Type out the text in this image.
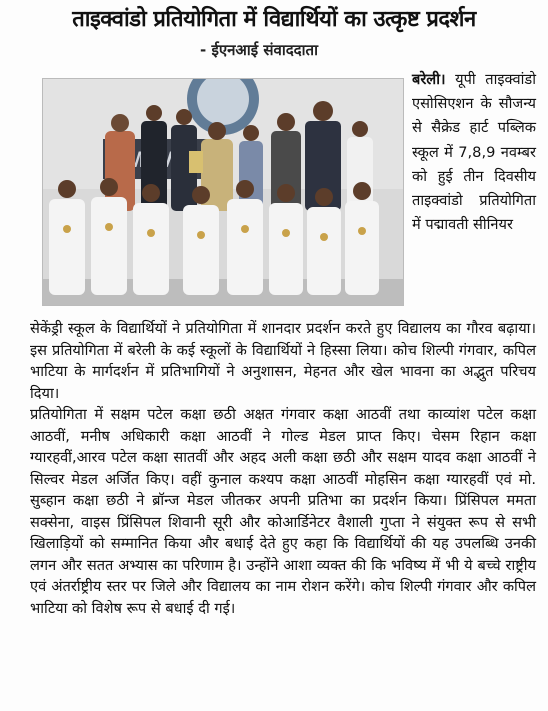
ताइक्वांडो प्रतियोगिता में विद्यार्थियों का उत्कृष्ट प्रदर्शन
- ईएनआई संवाददाता

बरेली। यूपी ताइक्वांडो एसोसिएशन के सौजन्य से सैक्रेड हार्ट पब्लिक स्कूल में 7,8,9 नवम्बर को हुई तीन दिवसीय ताइक्वांडो प्रतियोगिता में पद्मावती सीनियर

सेकेंड्री स्कूल के विद्यार्थियों ने प्रतियोगिता में शानदार प्रदर्शन करते हुए विद्यालय का गौरव बढ़ाया।इस प्रतियोगिता में बरेली के कई स्कूलों के विद्यार्थियों ने हिस्सा लिया। कोच शिल्पी गंगवार, कपिल भाटिया के मार्गदर्शन में प्रतिभागियों ने अनुशासन, मेहनत और खेल भावना का अद्भुत परिचय दिया।

प्रतियोगिता में सक्षम पटेल कक्षा छठी अक्षत गंगवार कक्षा आठवीं तथा काव्यांश पटेल कक्षा आठवीं, मनीष अधिकारी कक्षा आठवीं ने गोल्ड मेडल प्राप्त किए। चेसम रिहान कक्षा ग्यारहवीं,आरव पटेल कक्षा सातवीं और अहद अली कक्षा छठी और सक्षम यादव कक्षा आठवीं ने सिल्वर मेडल अर्जित किए। वहीं कुनाल कश्यप कक्षा आठवीं मोहसिन कक्षा ग्यारहवीं एवं मो. सुब्हान कक्षा छठी ने ब्रॉन्ज मेडल जीतकर अपनी प्रतिभा का प्रदर्शन किया। प्रिंसिपल ममता सक्सेना, वाइस प्रिंसिपल शिवानी सूरी और कोआर्डिनेटर वैशाली गुप्ता ने संयुक्त रूप से सभी खिलाड़ियों को सम्मानित किया और बधाई देते हुए कहा कि विद्यार्थियों की यह उपलब्धि उनकी लगन और सतत अभ्यास का परिणाम है। उन्होंने आशा व्यक्त की कि भविष्य में भी ये बच्चे राष्ट्रीय एवं अंतर्राष्ट्रीय स्तर पर जिले और विद्यालय का नाम रोशन करेंगे। कोच शिल्पी गंगवार और कपिल भाटिया को विशेष रूप से बधाई दी गई।
